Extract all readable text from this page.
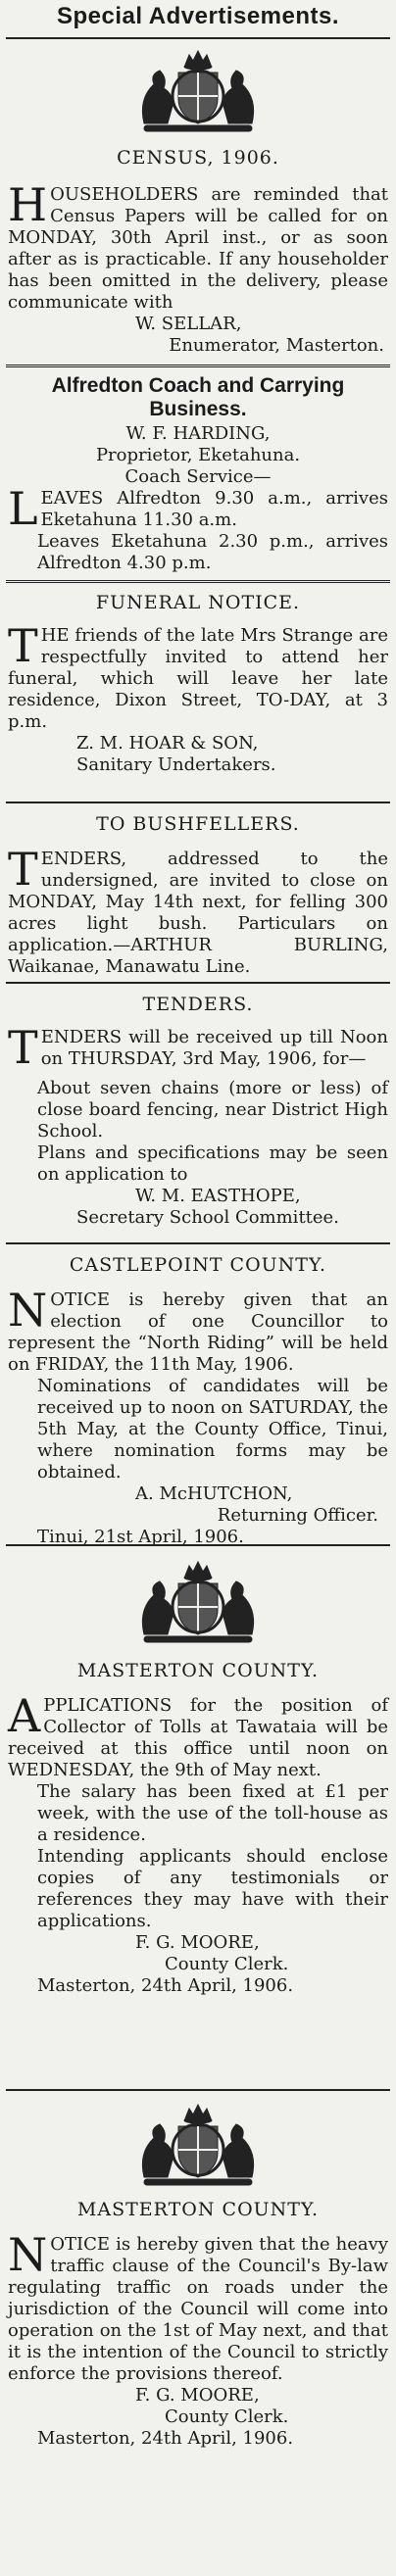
Special Advertisements.
CENSUS, 1906.

HOUSEHOLDERS are reminded that Census Papers will be called for on MONDAY, 30th April inst., or as soon after as is practicable. If any householder has been omitted in the delivery, please communicate with

W. SELLAR,

Enumerator, Masterton.

Alfredton Coach and Carrying Business.

W. F. HARDING,

Proprietor, Eketahuna.

Coach Service—

LEAVES Alfredton 9.30 a.m., arrives Eketahuna 11.30 a.m.

Leaves Eketahuna 2.30 p.m., arrives Alfredton 4.30 p.m.

FUNERAL NOTICE.

THE friends of the late Mrs Strange are respectfully invited to attend her funeral, which will leave her late residence, Dixon Street, TO-DAY, at 3 p.m.

Z. M. HOAR & SON,

Sanitary Undertakers.

TO BUSHFELLERS.

TENDERS, addressed to the undersigned, are invited to close on MONDAY, May 14th next, for felling 300 acres light bush. Particulars on application.—ARTHUR BURLING, Waikanae, Manawatu Line.

TENDERS.

TENDERS will be received up till Noon on THURSDAY, 3rd May, 1906, for—

About seven chains (more or less) of close board fencing, near District High School.

Plans and specifications may be seen on application to

W. M. EASTHOPE,

Secretary School Committee.

CASTLEPOINT COUNTY.

NOTICE is hereby given that an election of one Councillor to represent the “North Riding” will be held on FRIDAY, the 11th May, 1906.

Nominations of candidates will be received up to noon on SATURDAY, the 5th May, at the County Office, Tinui, where nomination forms may be obtained.

A. McHUTCHON,

Returning Officer.

Tinui, 21st April, 1906.

MASTERTON COUNTY.

APPLICATIONS for the position of Collector of Tolls at Tawataia will be received at this office until noon on WEDNESDAY, the 9th of May next.

The salary has been fixed at £1 per week, with the use of the toll-house as a residence.

Intending applicants should enclose copies of any testimonials or references they may have with their applications.

F. G. MOORE,

County Clerk.

Masterton, 24th April, 1906.

MASTERTON COUNTY.

NOTICE is hereby given that the heavy traffic clause of the Council's By-law regulating traffic on roads under the jurisdiction of the Council will come into operation on the 1st of May next, and that it is the intention of the Council to strictly enforce the provisions thereof.

F. G. MOORE,

County Clerk.

Masterton, 24th April, 1906.
